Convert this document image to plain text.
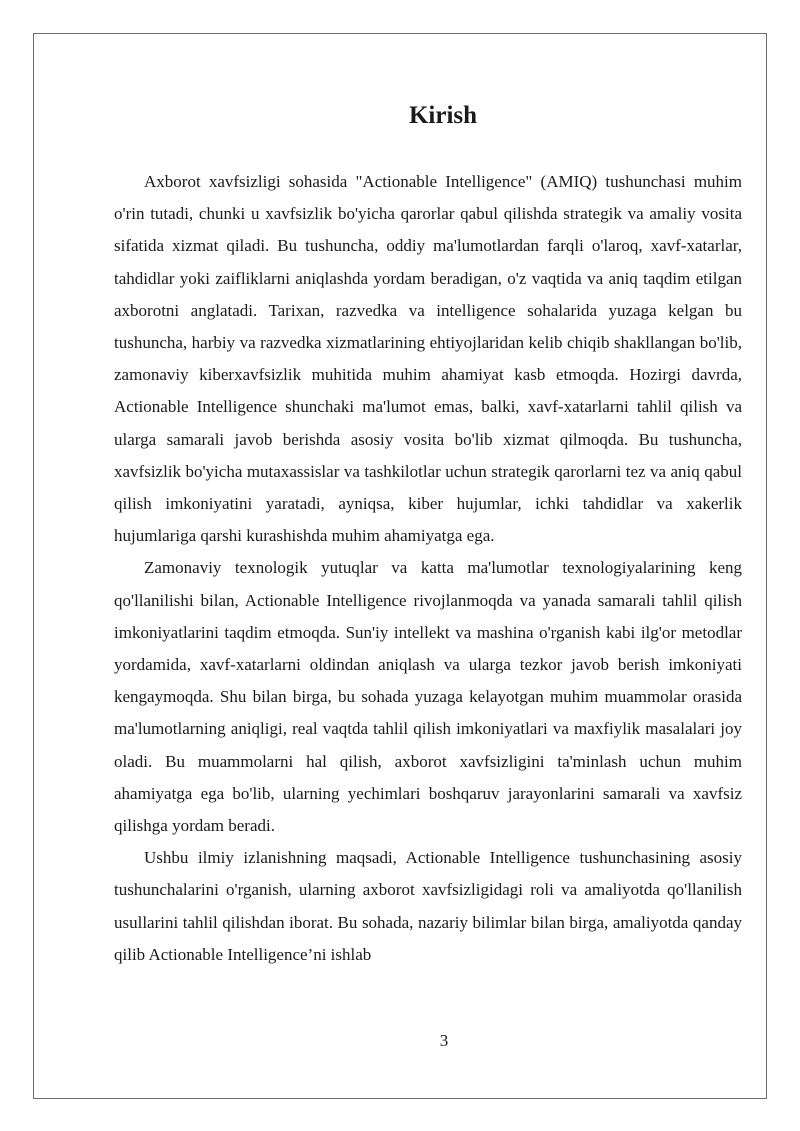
Kirish

Axborot xavfsizligi sohasida "Actionable Intelligence" (AMIQ) tushunchasi muhim o'rin tutadi, chunki u xavfsizlik bo'yicha qarorlar qabul qilishda strategik va amaliy vosita sifatida xizmat qiladi. Bu tushuncha, oddiy ma'lumotlardan farqli o'laroq, xavf-xatarlar, tahdidlar yoki zaifliklarni aniqlashda yordam beradigan, o'z vaqtida va aniq taqdim etilgan axborotni anglatadi. Tarixan, razvedka va intelligence sohalarida yuzaga kelgan bu tushuncha, harbiy va razvedka xizmatlarining ehtiyojlaridan kelib chiqib shakllangan bo'lib, zamonaviy kiberxavfsizlik muhitida muhim ahamiyat kasb etmoqda. Hozirgi davrda, Actionable Intelligence shunchaki ma'lumot emas, balki, xavf-xatarlarni tahlil qilish va ularga samarali javob berishda asosiy vosita bo'lib xizmat qilmoqda. Bu tushuncha, xavfsizlik bo'yicha mutaxassislar va tashkilotlar uchun strategik qarorlarni tez va aniq qabul qilish imkoniyatini yaratadi, ayniqsa, kiber hujumlar, ichki tahdidlar va xakerlik hujumlariga qarshi kurashishda muhim ahamiyatga ega.

Zamonaviy texnologik yutuqlar va katta ma'lumotlar texnologiyalarining keng qo'llanilishi bilan, Actionable Intelligence rivojlanmoqda va yanada samarali tahlil qilish imkoniyatlarini taqdim etmoqda. Sun'iy intellekt va mashina o'rganish kabi ilg'or metodlar yordamida, xavf-xatarlarni oldindan aniqlash va ularga tezkor javob berish imkoniyati kengaymoqda. Shu bilan birga, bu sohada yuzaga kelayotgan muhim muammolar orasida ma'lumotlarning aniqligi, real vaqtda tahlil qilish imkoniyatlari va maxfiylik masalalari joy oladi. Bu muammolarni hal qilish, axborot xavfsizligini ta'minlash uchun muhim ahamiyatga ega bo'lib, ularning yechimlari boshqaruv jarayonlarini samarali va xavfsiz qilishga yordam beradi.

Ushbu ilmiy izlanishning maqsadi, Actionable Intelligence tushunchasining asosiy tushunchalarini o'rganish, ularning axborot xavfsizligidagi roli va amaliyotda qo'llanilish usullarini tahlil qilishdan iborat. Bu sohada, nazariy bilimlar bilan birga, amaliyotda qanday qilib Actionable Intelligence’ni ishlab

3
